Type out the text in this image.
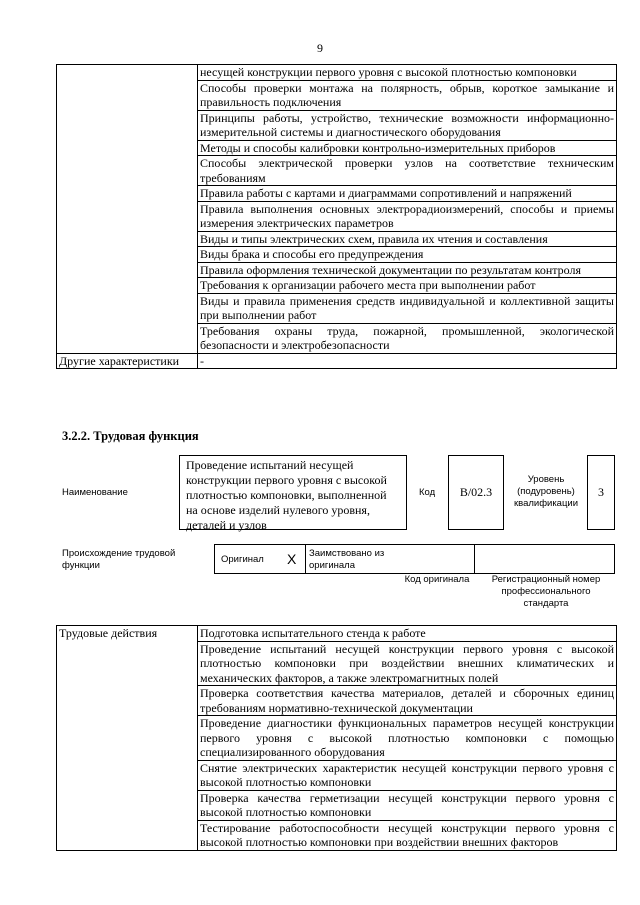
9
	несущей конструкции первого уровня с высокой плотностью компоновки
	Способы проверки монтажа на полярность, обрыв, короткое замыкание и правильность подключения
	Принципы работы, устройство, технические возможности информационно-измерительной системы и диагностического оборудования
	Методы и способы калибровки контрольно-измерительных приборов
	Способы электрической проверки узлов на соответствие техническим требованиям
	Правила работы с картами и диаграммами сопротивлений и напряжений
	Правила выполнения основных электрорадиоизмерений, способы и приемы измерения электрических параметров
	Виды и типы электрических схем, правила их чтения и составления
	Виды брака и способы его предупреждения
	Правила оформления технической документации по результатам контроля
	Требования к организации рабочего места при выполнении работ
	Виды и правила применения средств индивидуальной и коллективной защиты при выполнении работ
	Требования охраны труда, пожарной, промышленной, экологической безопасности и электробезопасности
Другие характеристики	-
3.2.2. Трудовая функция
Наименование
Проведение испытаний несущей конструкции первого уровня с высокой плотностью компоновки, выполненной на основе изделий нулевого уровня, деталей и узлов
Код	B/02.3
Уровень (подуровень) квалификации
3
Происхождение трудовой функции
Оригинал X Заимствовано из оригинала
Код оригинала	Регистрационный номер профессионального стандарта
Трудовые действия	Подготовка испытательного стенда к работе
Проведение испытаний несущей конструкции первого уровня с высокой плотностью компоновки при воздействии внешних климатических и механических факторов, а также электромагнитных полей
Проверка соответствия качества материалов, деталей и сборочных единиц требованиям нормативно-технической документации
Проведение диагностики функциональных параметров несущей конструкции первого уровня с высокой плотностью компоновки с помощью специализированного оборудования
Снятие электрических характеристик несущей конструкции первого уровня с высокой плотностью компоновки
Проверка качества герметизации несущей конструкции первого уровня с высокой плотностью компоновки
Тестирование работоспособности несущей конструкции первого уровня с высокой плотностью компоновки при воздействии внешних факторов
